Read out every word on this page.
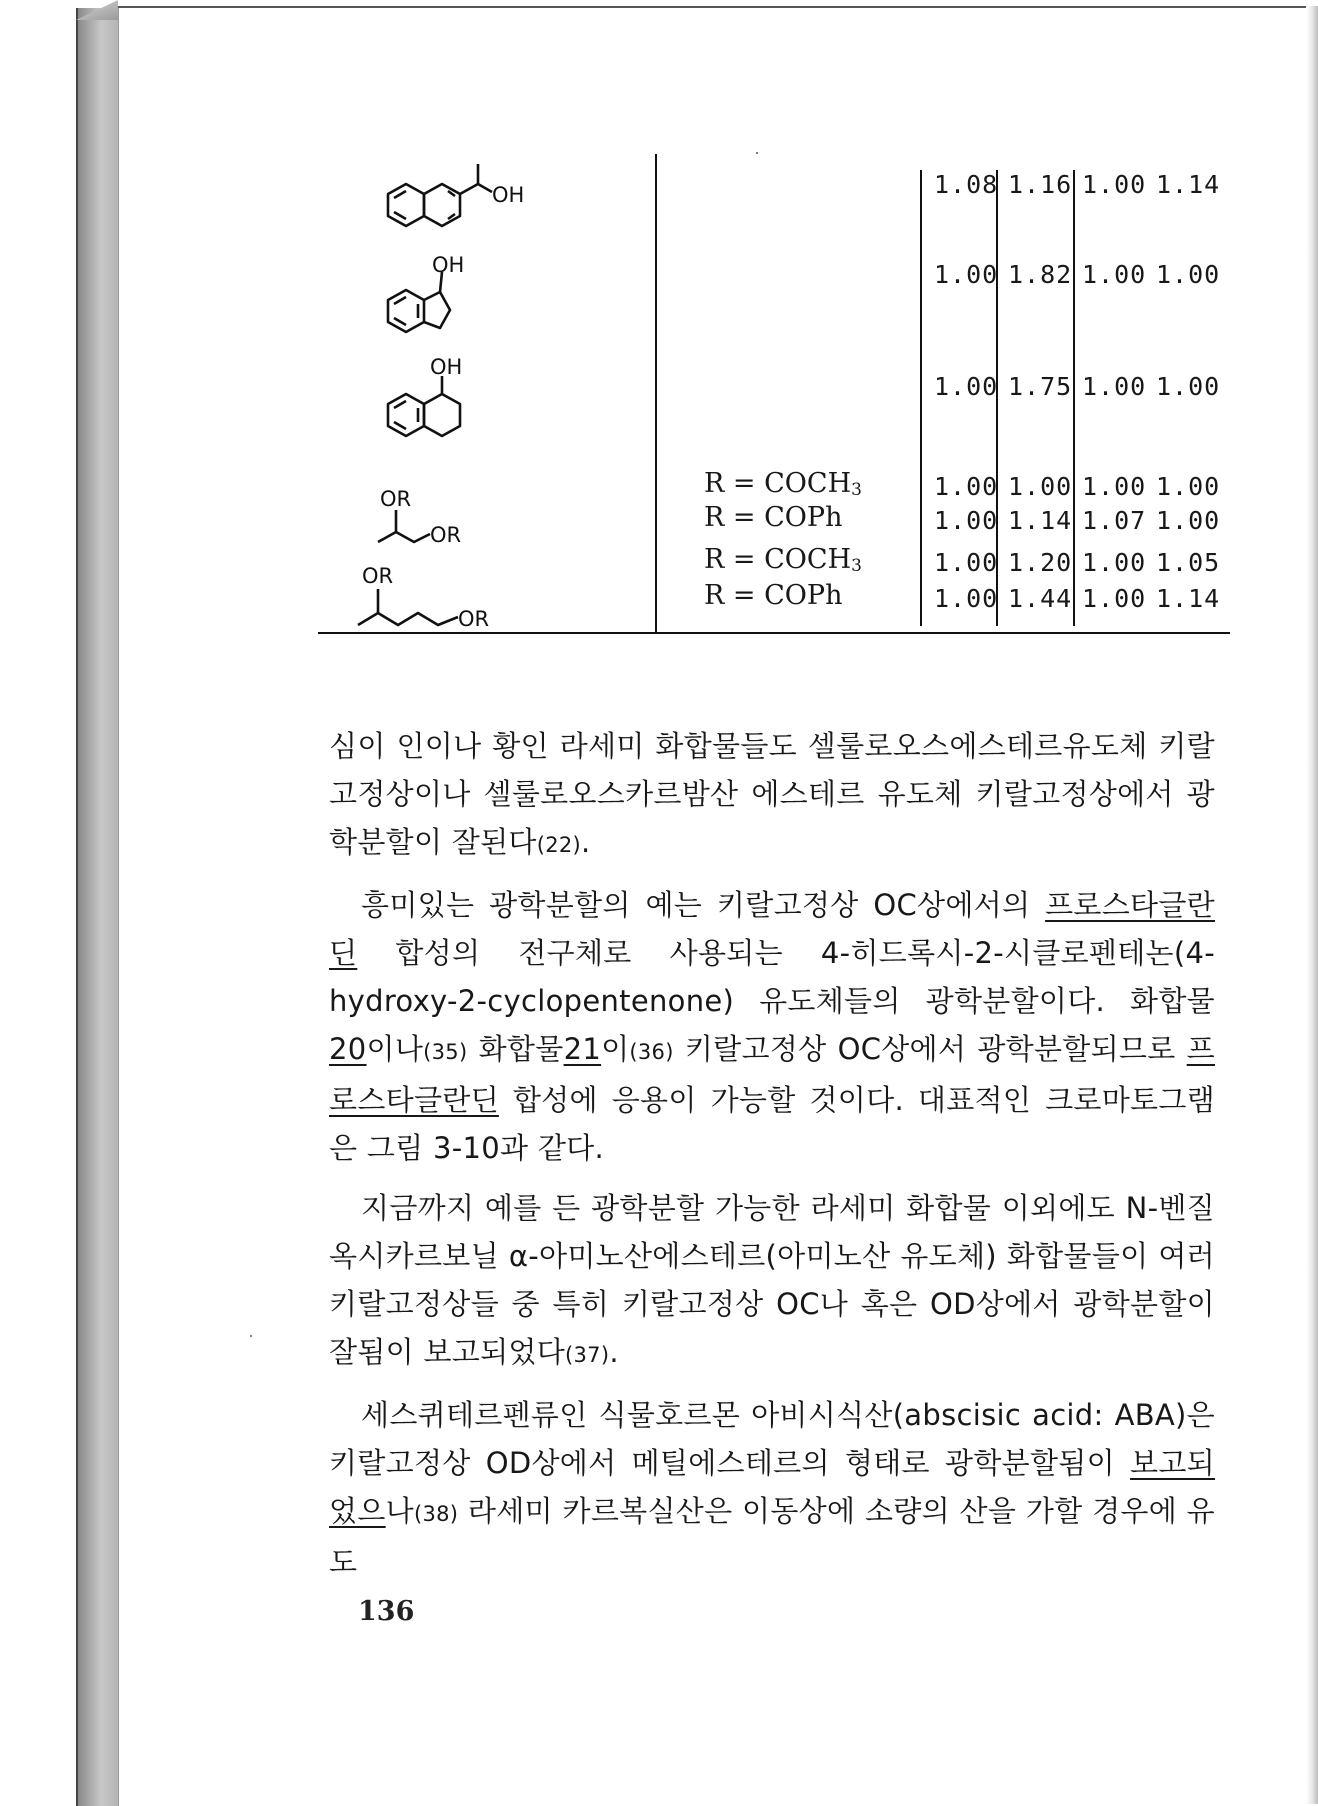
OH
OH
OH
OR
OR
OR
OR
$R = COCH_3$
R = COPh
$R = COCH_3$
R = COPh
1.08 1.16 1.00 1.14
1.00 1.82 1.00 1.00
1.00 1.75 1.00 1.00
1.00 1.00 1.00 1.00
1.00 1.14 1.07 1.00
1.00 1.20 1.00 1.05
1.00 1.44 1.00 1.14

심이 인이나 황인 라세미 화합물들도 셀룰로오스에스테르유도체 키랄고정상이나 셀룰로오스카르밤산 에스테르 유도체 키랄고정상에서 광학분할이 잘된다(22).

흥미있는 광학분할의 예는 키랄고정상 OC상에서의 프로스타글란딘 합성의 전구체로 사용되는 4-히드록시-2-시클로펜테논(4-hydroxy-2-cyclopentenone) 유도체들의 광학분할이다. 화합물 20이나(35) 화합물21이(36) 키랄고정상 OC상에서 광학분할되므로 프로스타글란딘 합성에 응용이 가능할 것이다. 대표적인 크로마토그램은 그림 3-10과 같다.

지금까지 예를 든 광학분할 가능한 라세미 화합물 이외에도 N-벤질옥시카르보닐 α-아미노산에스테르(아미노산 유도체) 화합물들이 여러 키랄고정상들 중 특히 키랄고정상 OC나 혹은 OD상에서 광학분할이 잘됨이 보고되었다(37).

세스퀴테르펜류인 식물호르몬 아비시식산(abscisic acid: ABA)은 키랄고정상 OD상에서 메틸에스테르의 형태로 광학분할됨이 보고되었으나(38) 라세미 카르복실산은 이동상에 소량의 산을 가할 경우에 유도

136
